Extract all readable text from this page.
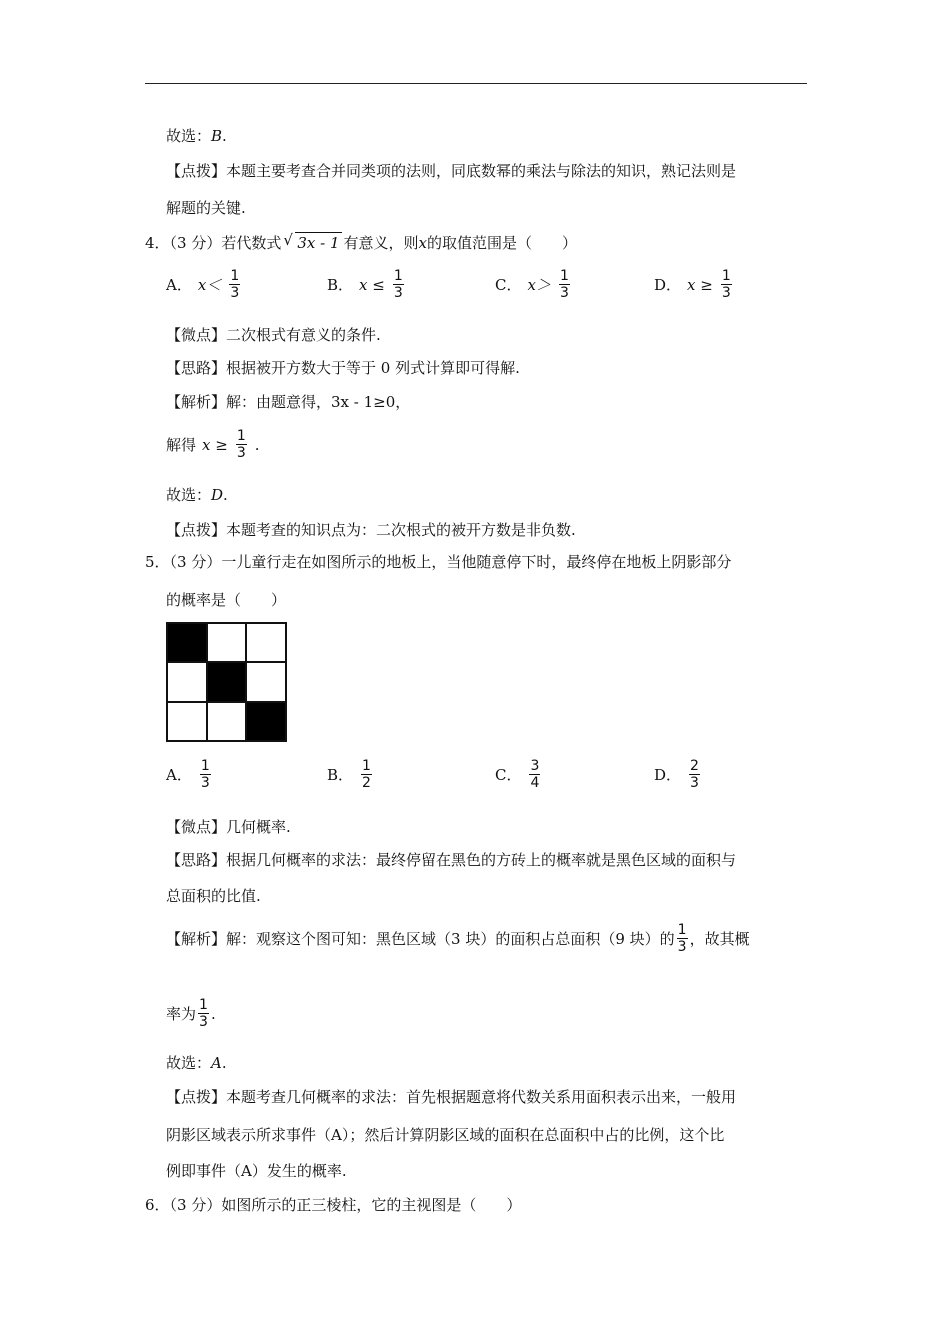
故选：B.
【点拨】本题主要考查合并同类项的法则，同底数幂的乘法与除法的知识，熟记法则是
解题的关键.
4．（3 分）若代数式 √ 3x - 1 有意义，则x的取值范围是（　　）
A． $x< \frac{1}{3}$	B． $x \le \frac{1}{3}$	C． $x> \frac{1}{3}$	D． $x \ge \frac{1}{3}$
【微点】二次根式有意义的条件.
【思路】根据被开方数大于等于 0 列式计算即可得解.
【解析】解：由题意得，3x - 1≥0，
解得 $x \ge \frac{1}{3}$ .
故选：D.
【点拨】本题考查的知识点为：二次根式的被开方数是非负数.
5．（3 分）一儿童行走在如图所示的地板上，当他随意停下时，最终停在地板上阴影部分
的概率是（　　）
A． $\frac{1}{3}$	B． $\frac{1}{2}$	C． $\frac{3}{4}$	D． $\frac{2}{3}$
【微点】几何概率.
【思路】根据几何概率的求法：最终停留在黑色的方砖上的概率就是黑色区域的面积与
总面积的比值.
【解析】 解：观察这个图可知：黑色区域（3 块）的面积占总面积（9 块）的 $\frac{1}{3}$ ，故其概
率为 $\frac{1}{3}$ .
故选：A.
【点拨】本题考查几何概率的求法：首先根据题意将代数关系用面积表示出来，一般用
阴影区域表示所求事件（A）；然后计算阴影区域的面积在总面积中占的比例，这个比
例即事件（A）发生的概率.
6．（3 分）如图所示的正三棱柱，它的主视图是（　　）
